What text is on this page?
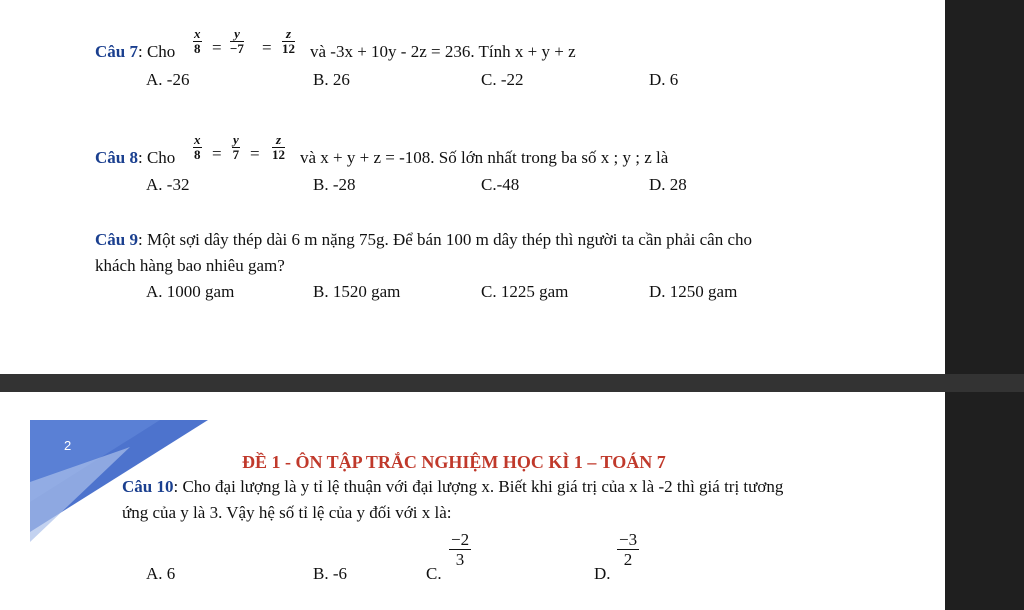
Câu 7: Cho $\frac{x}{8} = \frac{y}{-7} = \frac{z}{12}$ và -3x + 10y - 2z = 236. Tính x + y + z
A. -26	B. 26	C. -22	D. 6
Câu 8: Cho $\frac{x}{8} = \frac{y}{7} = \frac{z}{12}$ và x + y + z = -108. Số lớn nhất trong ba số x ; y ; z là
A. -32	B. -28	C.-48	D. 28
Câu 9: Một sợi dây thép dài 6 m nặng 75g. Để bán 100 m dây thép thì người ta cần phải cân cho
khách hàng bao nhiêu gam?
A. 1000 gam	B. 1520 gam	C. 1225 gam	D. 1250 gam
2
ĐỀ 1 - ÔN TẬP TRẮC NGHIỆM HỌC KÌ 1 – TOÁN 7
Câu 10: Cho đại lượng là y tỉ lệ thuận với đại lượng x. Biết khi giá trị của x là -2 thì giá trị tương
ứng của y là 3. Vậy hệ số tỉ lệ của y đối với x là:
A. 6	B. -6	C.
$\frac{-2}{3}$
D.
$\frac{-3}{2}$
